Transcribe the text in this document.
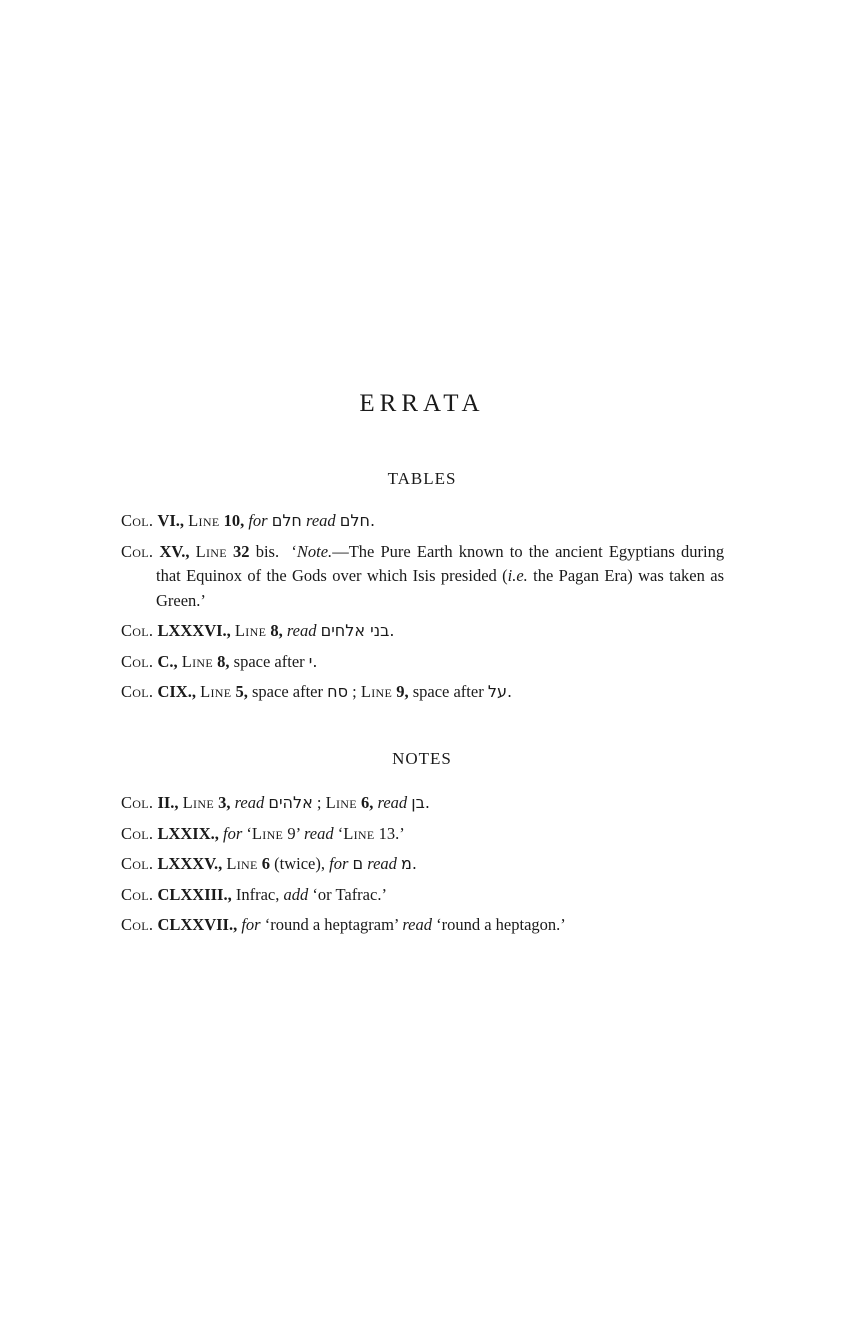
ERRATA
TABLES
Col. VI., Line 10, for חלם read חלם.
Col. XV., Line 32 bis. ‘Note.—The Pure Earth known to the ancient Egyptians during that Equinox of the Gods over which Isis presided (i.e. the Pagan Era) was taken as Green.’
Col. LXXXVI., Line 8, read בני אלחים.
Col. C., Line 8, space after י.
Col. CIX., Line 5, space after סח ; Line 9, space after על.
NOTES
Col. II., Line 3, read אלהים ; Line 6, read בן.
Col. LXXIX., for ‘Line 9’ read ‘Line 13.’
Col. LXXXV., Line 6 (twice), for ם read מ.
Col. CLXXIII., Infrac, add ‘or Tafrac.’
Col. CLXXVII., for ‘round a heptagram’ read ‘round a heptagon.’
